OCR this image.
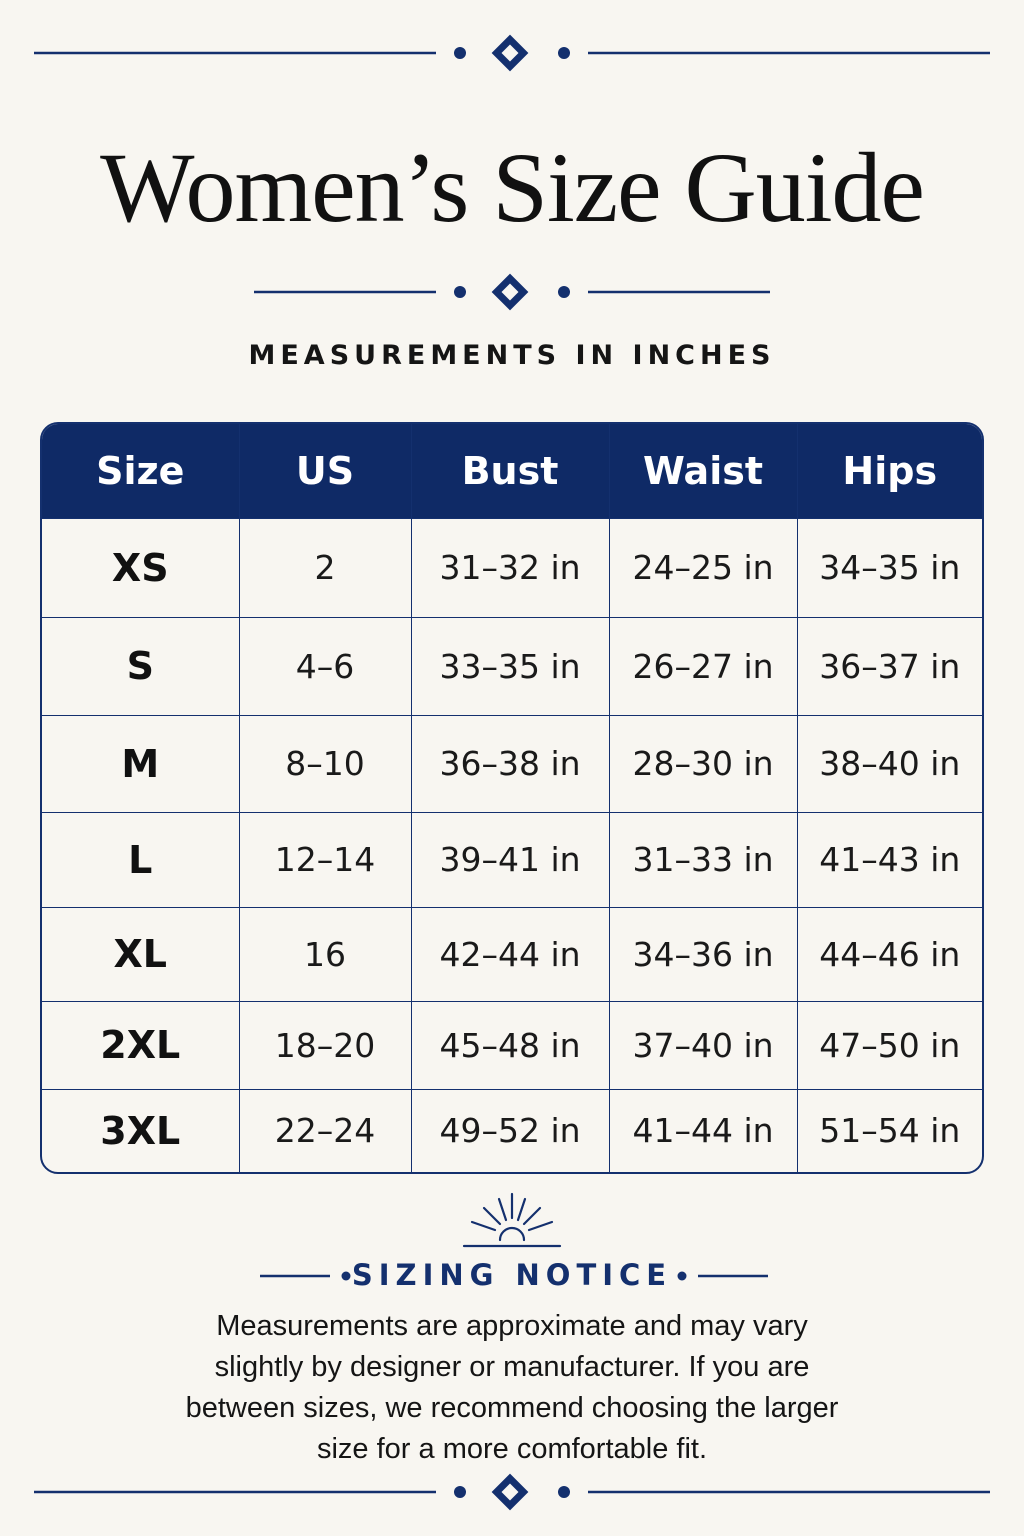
Women’s Size Guide
MEASUREMENTS IN INCHES
Size	US	Bust	Waist	Hips
XS	2	31–32 in	24–25 in	34–35 in
S	4–6	33–35 in	26–27 in	36–37 in
M	8–10	36–38 in	28–30 in	38–40 in
L	12–14	39–41 in	31–33 in	41–43 in
XL	16	42–44 in	34–36 in	44–46 in
2XL	18–20	45–48 in	37–40 in	47–50 in
3XL	22–24	49–52 in	41–44 in	51–54 in
SIZING NOTICE

Measurements are approximate and may vary slightly by designer or manufacturer. If you are between sizes, we recommend choosing the larger size for a more comfortable fit.
